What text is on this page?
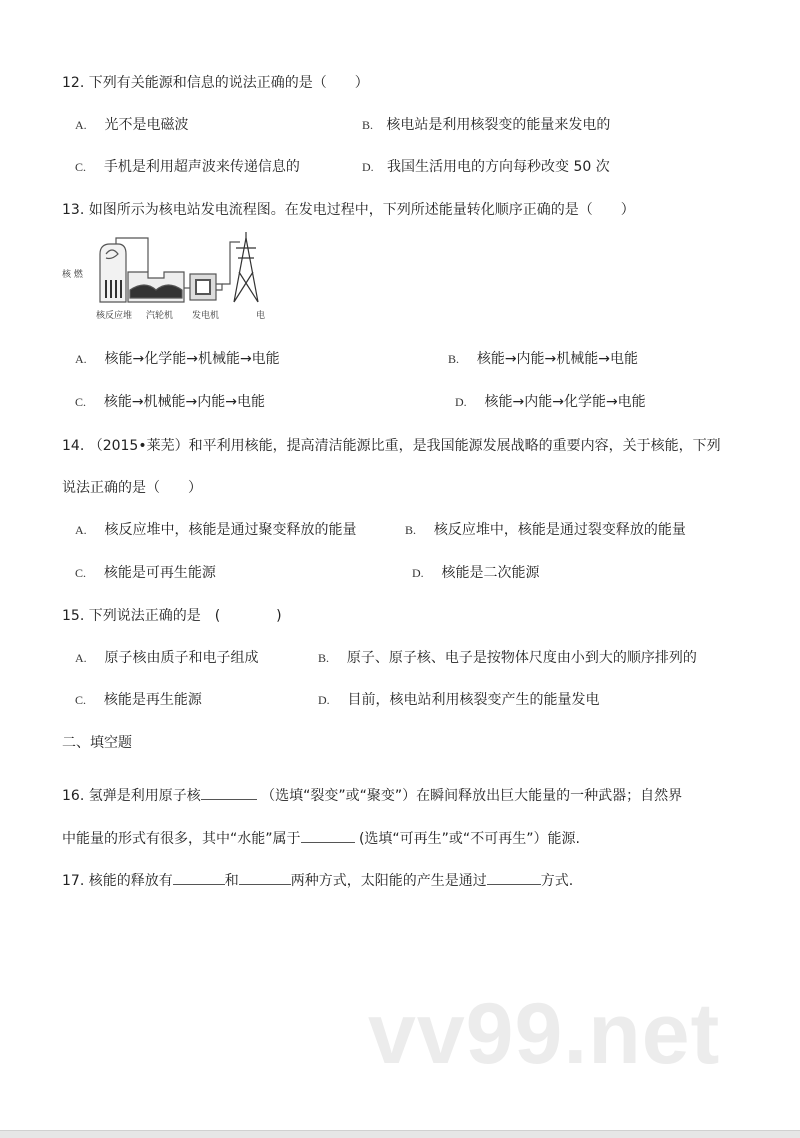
12. 下列有关能源和信息的说法正确的是（　　）
A. 光不是电磁波	B. 核电站是利用核裂变的能量来发电的
C. 手机是利用超声波来传递信息的	D. 我国生活用电的方向每秒改变 50 次
13. 如图所示为核电站发电流程图。在发电过程中，下列所述能量转化顺序正确的是（　　）
核 燃
核反应堆 汽轮机 发电机	电
A. 核能→化学能→机械能→电能	B. 核能→内能→机械能→电能
C. 核能→机械能→内能→电能	D. 核能→内能→化学能→电能
14. （2015•莱芜）和平利用核能，提高清洁能源比重，是我国能源发展战略的重要内容，关于核能，下列
说法正确的是（　　）
A. 核反应堆中，核能是通过聚变释放的能量	B. 核反应堆中，核能是通过裂变释放的能量
C. 核能是可再生能源	D. 核能是二次能源
15. 下列说法正确的是　(　　　　)
A. 原子核由质子和电子组成	B. 原子、原子核、电子是按物体尺度由小到大的顺序排列的
C. 核能是再生能源	D. 目前，核电站利用核裂变产生的能量发电
二、填空题
16. 氢弹是利用原子核	（选填“裂变”或“聚变”）在瞬间释放出巨大能量的一种武器；自然界
中能量的形式有很多，其中“水能”属于	(选填“可再生”或“不可再生”）能源.
17. 核能的释放有	和	两种方式，太阳能的产生是通过	方式.
vv99.net
